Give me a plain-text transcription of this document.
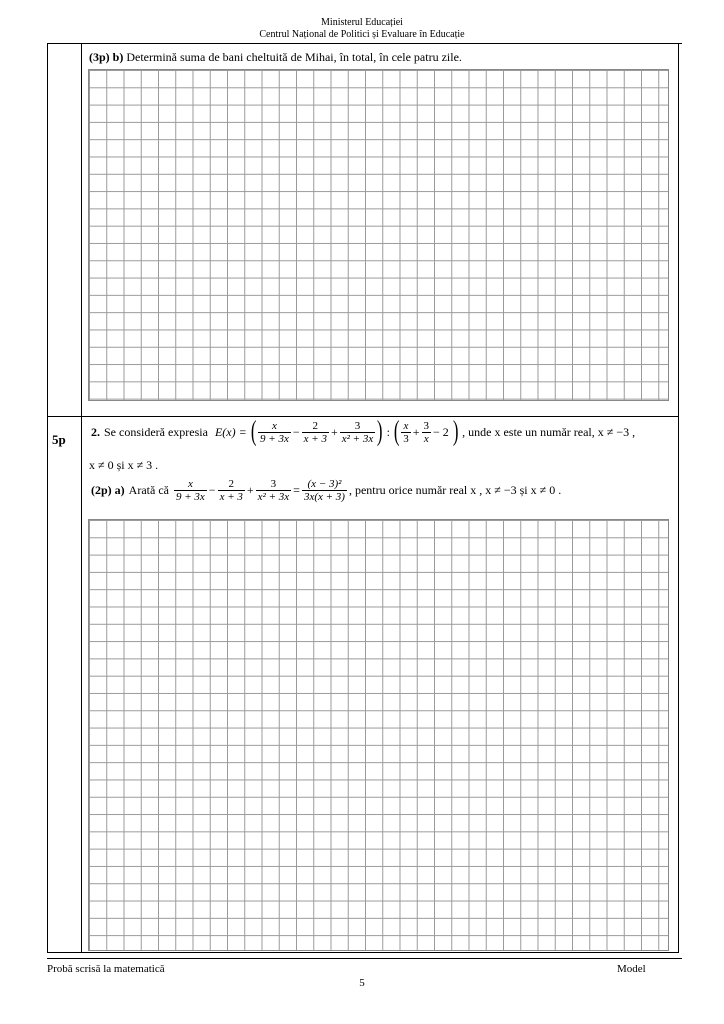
Ministerul Educației
Centrul Național de Politici și Evaluare în Educație
(3p) b) Determină suma de bani cheltuită de Mihai, în total, în cele patru zile.
5p
2. Se consideră expresia E(x) = ( $\frac{x}{9 + 3x} - \frac{2}{x + 3} + \frac{3}{\text{x² + 3x}}$ ) : ( $\frac{x}{3} + \frac{3}{x} - 2$ ) , unde x este un număr real, x ≠ −3 ,
x ≠ 0 și x ≠ 3 .
(2p) a) Arată că $\frac{x}{9 + 3x} - \frac{2}{x + 3} + \frac{3}{\text{x² + 3x}} = \frac{\text{(x − 3)²}}{3x(x + 3)}$ , pentru orice număr real x , x ≠ −3 și x ≠ 0 .
Probă scrisă la matematică	Model
5
